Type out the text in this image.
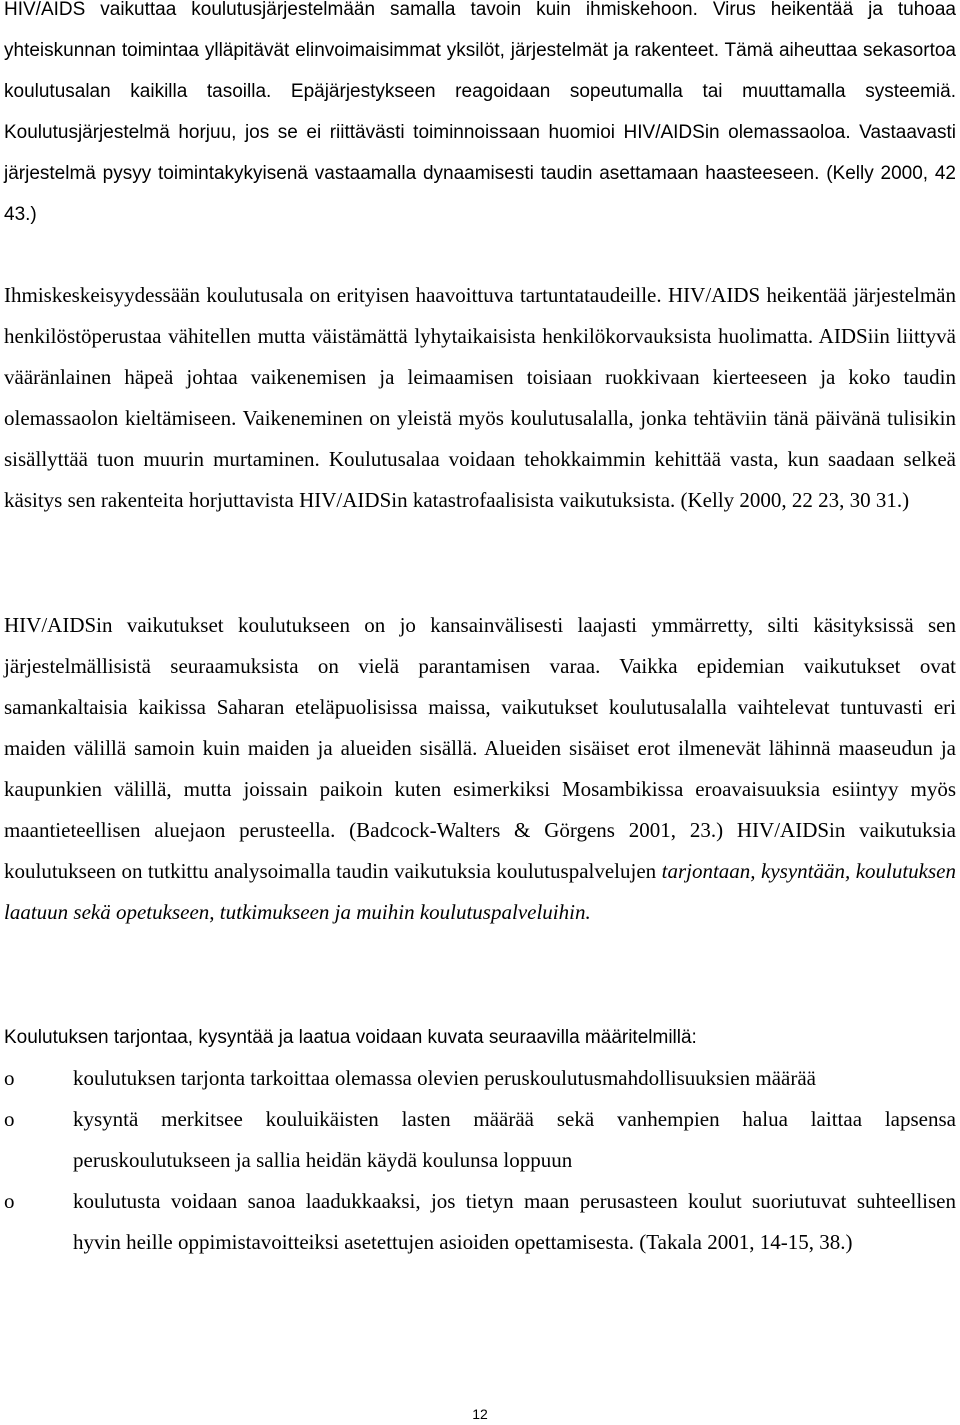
HIV/AIDS vaikuttaa koulutusjärjestelmään samalla tavoin kuin ihmiskehoon. Virus heikentää ja tuhoaa yhteiskunnan toimintaa ylläpitävät elinvoimaisimmat yksilöt, järjestelmät ja rakenteet. Tämä aiheuttaa sekasortoa koulutusalan kaikilla tasoilla. Epäjärjestykseen reagoidaan sopeutumalla tai muuttamalla systeemiä. Koulutusjärjestelmä horjuu, jos se ei riittävästi toiminnoissaan huomioi HIV/AIDSin olemassaoloa. Vastaavasti järjestelmä pysyy toimintakykyisenä vastaamalla dynaamisesti taudin asettamaan haasteeseen. (Kelly 2000, 42 43.)

Ihmiskeskeisyydessään koulutusala on erityisen haavoittuva tartuntataudeille. HIV/AIDS heikentää järjestelmän henkilöstöperustaa vähitellen mutta väistämättä lyhytaikaisista henkilökorvauksista huolimatta. AIDSiin liittyvä vääränlainen häpeä johtaa vaikenemisen ja leimaamisen toisiaan ruokkivaan kierteeseen ja koko taudin olemassaolon kieltämiseen. Vaikeneminen on yleistä myös koulutusalalla, jonka tehtäviin tänä päivänä tulisikin sisällyttää tuon muurin murtaminen. Koulutusalaa voidaan tehokkaimmin kehittää vasta, kun saadaan selkeä käsitys sen rakenteita horjuttavista HIV/AIDSin katastrofaalisista vaikutuksista. (Kelly 2000, 22 23, 30 31.)

HIV/AIDSin vaikutukset koulutukseen on jo kansainvälisesti laajasti ymmärretty, silti käsityksissä sen järjestelmällisistä seuraamuksista on vielä parantamisen varaa. Vaikka epidemian vaikutukset ovat samankaltaisia kaikissa Saharan eteläpuolisissa maissa, vaikutukset koulutusalalla vaihtelevat tuntuvasti eri maiden välillä samoin kuin maiden ja alueiden sisällä. Alueiden sisäiset erot ilmenevät lähinnä maaseudun ja kaupunkien välillä, mutta joissain paikoin kuten esimerkiksi Mosambikissa eroavaisuuksia esiintyy myös maantieteellisen aluejaon perusteella. (Badcock-Walters & Görgens 2001, 23.) HIV/AIDSin vaikutuksia koulutukseen on tutkittu analysoimalla taudin vaikutuksia koulutuspalvelujen tarjontaan, kysyntään, koulutuksen laatuun sekä opetukseen, tutkimukseen ja muihin koulutuspalveluihin.

Koulutuksen tarjontaa, kysyntää ja laatua voidaan kuvata seuraavilla määritelmillä:

o	koulutuksen tarjonta tarkoittaa olemassa olevien peruskoulutusmahdollisuuksien määrää
o	kysyntä merkitsee kouluikäisten lasten määrää sekä vanhempien halua laittaa lapsensa peruskoulutukseen ja sallia heidän käydä koulunsa loppuun
o	koulutusta voidaan sanoa laadukkaaksi, jos tietyn maan perusasteen koulut suoriutuvat suhteellisen hyvin heille oppimistavoitteiksi asetettujen asioiden opettamisesta. (Takala 2001, 14-15, 38.)
12
